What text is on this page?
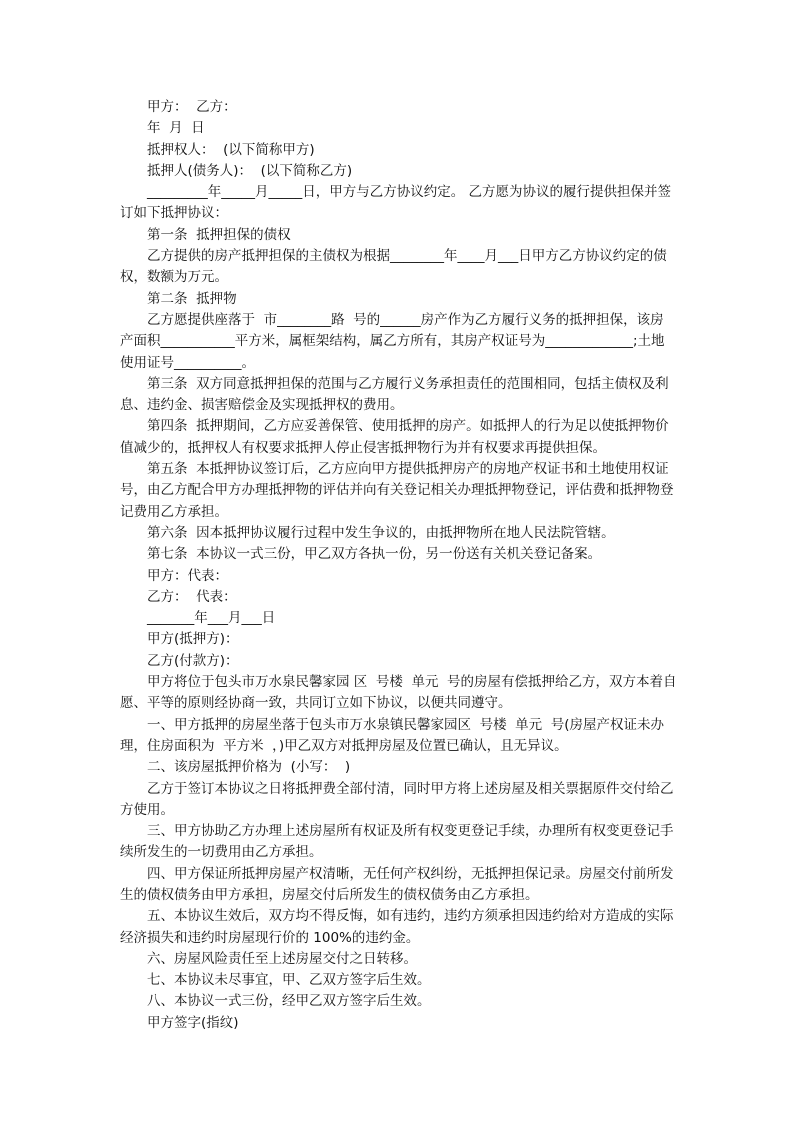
甲方：  乙方：

年  月  日

抵押权人：  (以下简称甲方)

抵押人(债务人)：  (以下简称乙方)

_________年_____月_____日，甲方与乙方协议约定。 乙方愿为协议的履行提供担保并签订如下抵押协议：

第一条  抵押担保的债权

乙方提供的房产抵押担保的主债权为根据________年____月___日甲方乙方协议约定的债权，数额为万元。

第二条  抵押物

乙方愿提供座落于  市________路  号的______房产作为乙方履行义务的抵押担保，该房产面积___________平方米，属框架结构，属乙方所有，其房产权证号为_____________;土地使用证号__________。

第三条  双方同意抵押担保的范围与乙方履行义务承担责任的范围相同，包括主债权及利息、违约金、损害赔偿金及实现抵押权的费用。

第四条  抵押期间，乙方应妥善保管、使用抵押的房产。如抵押人的行为足以使抵押物价值减少的，抵押权人有权要求抵押人停止侵害抵押物行为并有权要求再提供担保。

第五条  本抵押协议签订后，乙方应向甲方提供抵押房产的房地产权证书和土地使用权证号，由乙方配合甲方办理抵押物的评估并向有关登记相关办理抵押物登记，评估费和抵押物登记费用乙方承担。

第六条  因本抵押协议履行过程中发生争议的，由抵押物所在地人民法院管辖。

第七条  本协议一式三份，甲乙双方各执一份，另一份送有关机关登记备案。

甲方：代表：

乙方：  代表：

_______年___月___日

甲方(抵押方)：

乙方(付款方)：

甲方将位于包头市万水泉民馨家园 区  号楼  单元  号的房屋有偿抵押给乙方，双方本着自愿、平等的原则经协商一致，共同订立如下协议，以便共同遵守。

一、甲方抵押的房屋坐落于包头市万水泉镇民馨家园区  号楼  单元  号(房屋产权证未办理，住房面积为  平方米  ，)甲乙双方对抵押房屋及位置已确认，且无异议。

二、该房屋抵押价格为  (小写：  )

乙方于签订本协议之日将抵押费全部付清，同时甲方将上述房屋及相关票据原件交付给乙方使用。

三、甲方协助乙方办理上述房屋所有权证及所有权变更登记手续，办理所有权变更登记手续所发生的一切费用由乙方承担。

四、甲方保证所抵押房屋产权清晰，无任何产权纠纷，无抵押担保记录。房屋交付前所发生的债权债务由甲方承担，房屋交付后所发生的债权债务由乙方承担。

五、本协议生效后，双方均不得反悔，如有违约，违约方须承担因违约给对方造成的实际经济损失和违约时房屋现行价的 100%的违约金。

六、房屋风险责任至上述房屋交付之日转移。

七、本协议未尽事宜，甲、乙双方签字后生效。

八、本协议一式三份，经甲乙双方签字后生效。

甲方签字(指纹)
